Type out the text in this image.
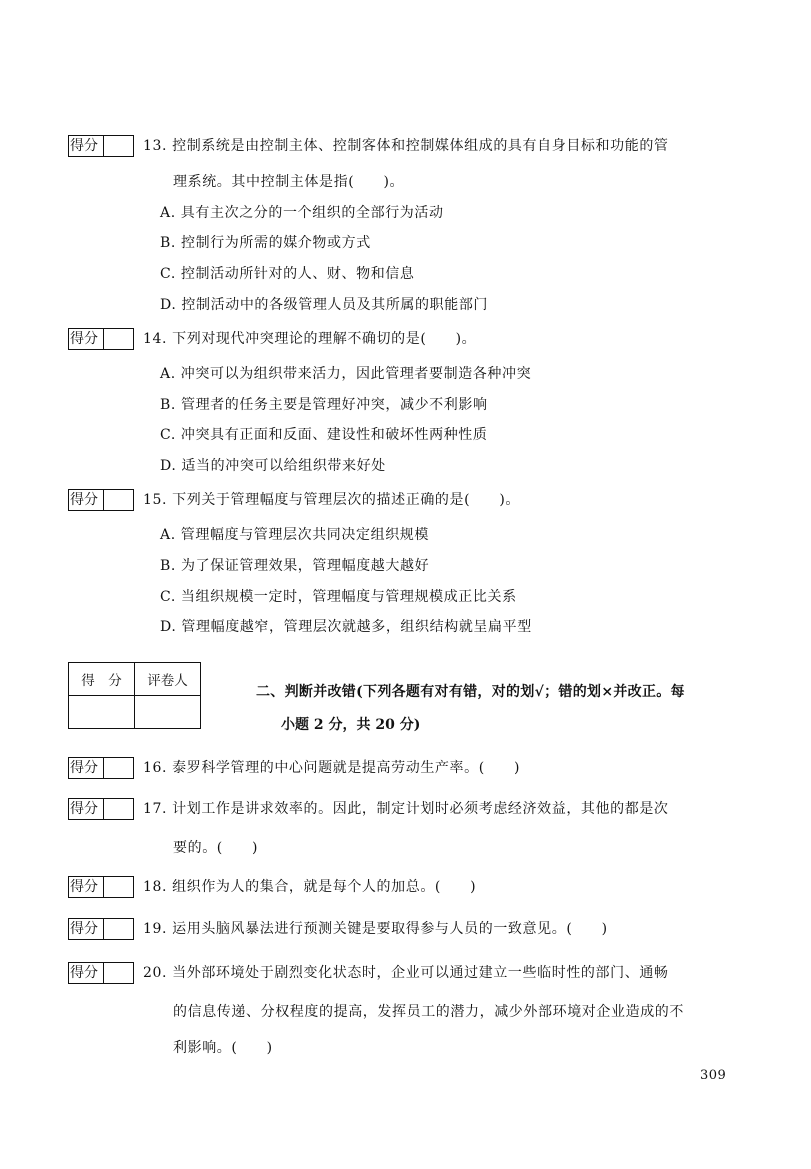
得分	13. 控制系统是由控制主体、控制客体和控制媒体组成的具有自身目标和功能的管
理系统。其中控制主体是指(　　)。
A. 具有主次之分的一个组织的全部行为活动
B. 控制行为所需的媒介物或方式
C. 控制活动所针对的人、财、物和信息
D. 控制活动中的各级管理人员及其所属的职能部门
得分	14. 下列对现代冲突理论的理解不确切的是(　　)。
A. 冲突可以为组织带来活力，因此管理者要制造各种冲突
B. 管理者的任务主要是管理好冲突，减少不利影响
C. 冲突具有正面和反面、建设性和破坏性两种性质
D. 适当的冲突可以给组织带来好处
得分	15. 下列关于管理幅度与管理层次的描述正确的是(　　)。
A. 管理幅度与管理层次共同决定组织规模
B. 为了保证管理效果，管理幅度越大越好
C. 当组织规模一定时，管理幅度与管理规模成正比关系
D. 管理幅度越窄，管理层次就越多，组织结构就呈扁平型
得　分	评卷人

二、判断并改错(下列各题有对有错，对的划√；错的划×并改正。每
小题 2 分，共 20 分)
得分	16. 泰罗科学管理的中心问题就是提高劳动生产率。(　　)
得分	17. 计划工作是讲求效率的。因此，制定计划时必须考虑经济效益，其他的都是次
要的。(　　)
得分	18. 组织作为人的集合，就是每个人的加总。(　　)
得分	19. 运用头脑风暴法进行预测关键是要取得参与人员的一致意见。(　　)
得分	20. 当外部环境处于剧烈变化状态时，企业可以通过建立一些临时性的部门、通畅
的信息传递、分权程度的提高，发挥员工的潜力，减少外部环境对企业造成的不
利影响。(　　)
309
